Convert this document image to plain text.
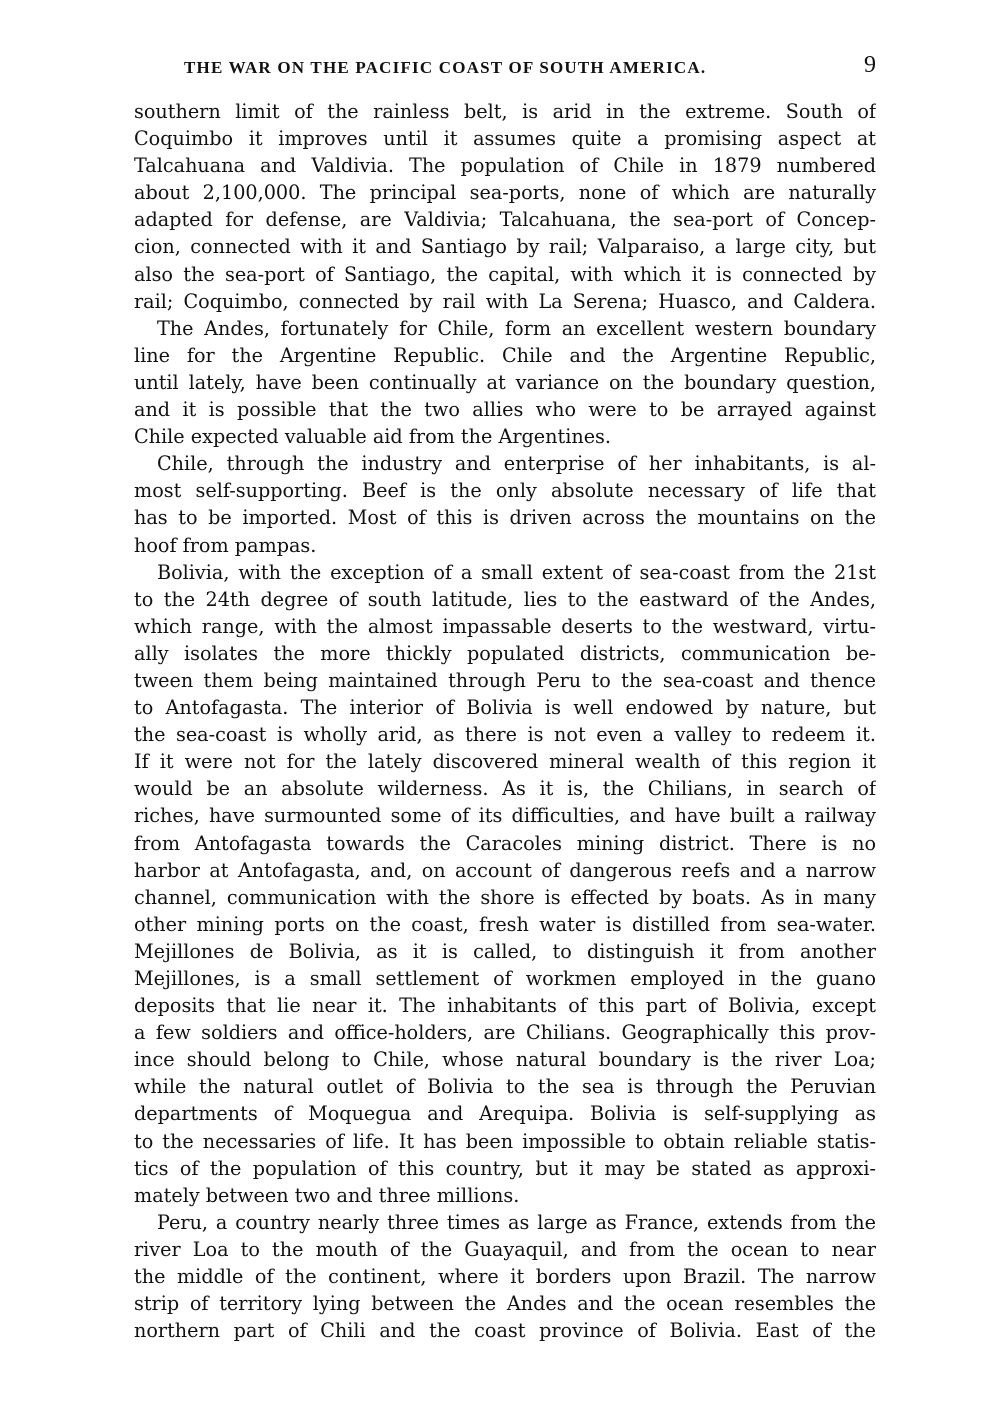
THE WAR ON THE PACIFIC COAST OF SOUTH AMERICA.	9

southern limit of the rainless belt, is arid in the extreme. South of
Coquimbo it improves until it assumes quite a promising aspect at
Talcahuana and Valdivia. The population of Chile in 1879 numbered
about 2,100,000. The principal sea-ports, none of which are naturally
adapted for defense, are Valdivia; Talcahuana, the sea-port of Concep-
cion, connected with it and Santiago by rail; Valparaiso, a large city, but
also the sea-port of Santiago, the capital, with which it is connected by
rail; Coquimbo, connected by rail with La Serena; Huasco, and Caldera.

The Andes, fortunately for Chile, form an excellent western boundary
line for the Argentine Republic. Chile and the Argentine Republic,
until lately, have been continually at variance on the boundary question,
and it is possible that the two allies who were to be arrayed against
Chile expected valuable aid from the Argentines.

Chile, through the industry and enterprise of her inhabitants, is al-
most self-supporting. Beef is the only absolute necessary of life that
has to be imported. Most of this is driven across the mountains on the
hoof from pampas.

Bolivia, with the exception of a small extent of sea-coast from the 21st
to the 24th degree of south latitude, lies to the eastward of the Andes,
which range, with the almost impassable deserts to the westward, virtu-
ally isolates the more thickly populated districts, communication be-
tween them being maintained through Peru to the sea-coast and thence
to Antofagasta. The interior of Bolivia is well endowed by nature, but
the sea-coast is wholly arid, as there is not even a valley to redeem it.
If it were not for the lately discovered mineral wealth of this region it
would be an absolute wilderness. As it is, the Chilians, in search of
riches, have surmounted some of its difficulties, and have built a railway
from Antofagasta towards the Caracoles mining district. There is no
harbor at Antofagasta, and, on account of dangerous reefs and a narrow
channel, communication with the shore is effected by boats. As in many
other mining ports on the coast, fresh water is distilled from sea-water.
Mejillones de Bolivia, as it is called, to distinguish it from another
Mejillones, is a small settlement of workmen employed in the guano
deposits that lie near it. The inhabitants of this part of Bolivia, except
a few soldiers and office-holders, are Chilians. Geographically this prov-
ince should belong to Chile, whose natural boundary is the river Loa;
while the natural outlet of Bolivia to the sea is through the Peruvian
departments of Moquegua and Arequipa. Bolivia is self-supplying as
to the necessaries of life. It has been impossible to obtain reliable statis-
tics of the population of this country, but it may be stated as approxi-
mately between two and three millions.

Peru, a country nearly three times as large as France, extends from the
river Loa to the mouth of the Guayaquil, and from the ocean to near
the middle of the continent, where it borders upon Brazil. The narrow
strip of territory lying between the Andes and the ocean resembles the
northern part of Chili and the coast province of Bolivia. East of the
